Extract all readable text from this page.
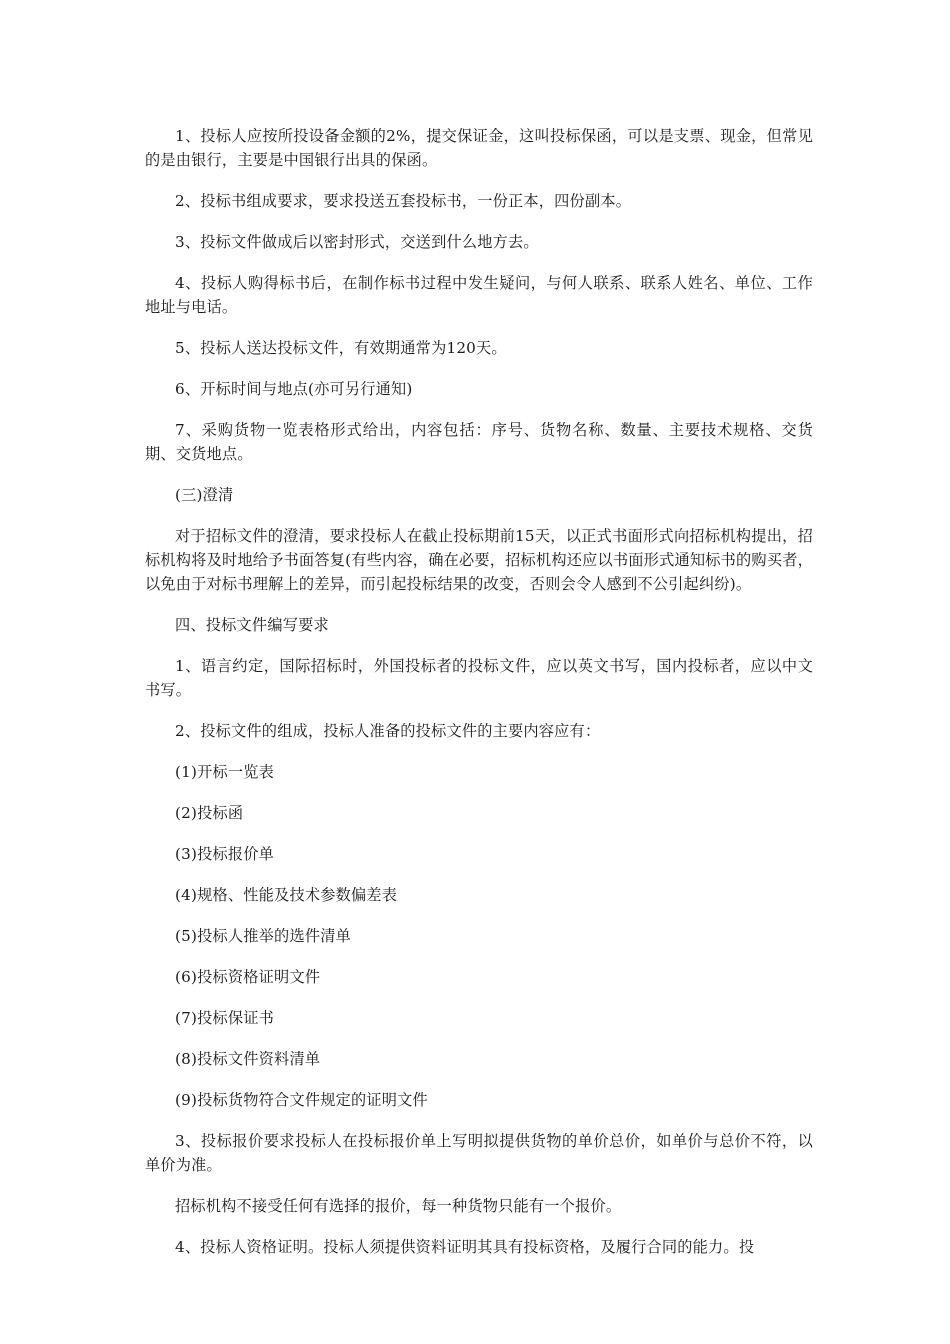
1、投标人应按所投设备金额的2%，提交保证金，这叫投标保函，可以是支票、现金，但常见的是由银行，主要是中国银行出具的保函。

2、投标书组成要求，要求投送五套投标书，一份正本，四份副本。

3、投标文件做成后以密封形式，交送到什么地方去。

4、投标人购得标书后，在制作标书过程中发生疑问，与何人联系、联系人姓名、单位、工作地址与电话。

5、投标人送达投标文件，有效期通常为120天。

6、开标时间与地点(亦可另行通知)

7、采购货物一览表格形式给出，内容包括：序号、货物名称、数量、主要技术规格、交货期、交货地点。

(三)澄清

对于招标文件的澄清，要求投标人在截止投标期前15天，以正式书面形式向招标机构提出，招标机构将及时地给予书面答复(有些内容，确在必要，招标机构还应以书面形式通知标书的购买者，以免由于对标书理解上的差异，而引起投标结果的改变，否则会令人感到不公引起纠纷)。

四、投标文件编写要求

1、语言约定，国际招标时，外国投标者的投标文件，应以英文书写，国内投标者，应以中文书写。

2、投标文件的组成，投标人准备的投标文件的主要内容应有：

(1)开标一览表

(2)投标函

(3)投标报价单

(4)规格、性能及技术参数偏差表

(5)投标人推举的选件清单

(6)投标资格证明文件

(7)投标保证书

(8)投标文件资料清单

(9)投标货物符合文件规定的证明文件

3、投标报价要求投标人在投标报价单上写明拟提供货物的单价总价，如单价与总价不符，以单价为准。

招标机构不接受任何有选择的报价，每一种货物只能有一个报价。

4、投标人资格证明。投标人须提供资料证明其具有投标资格，及履行合同的能力。投
